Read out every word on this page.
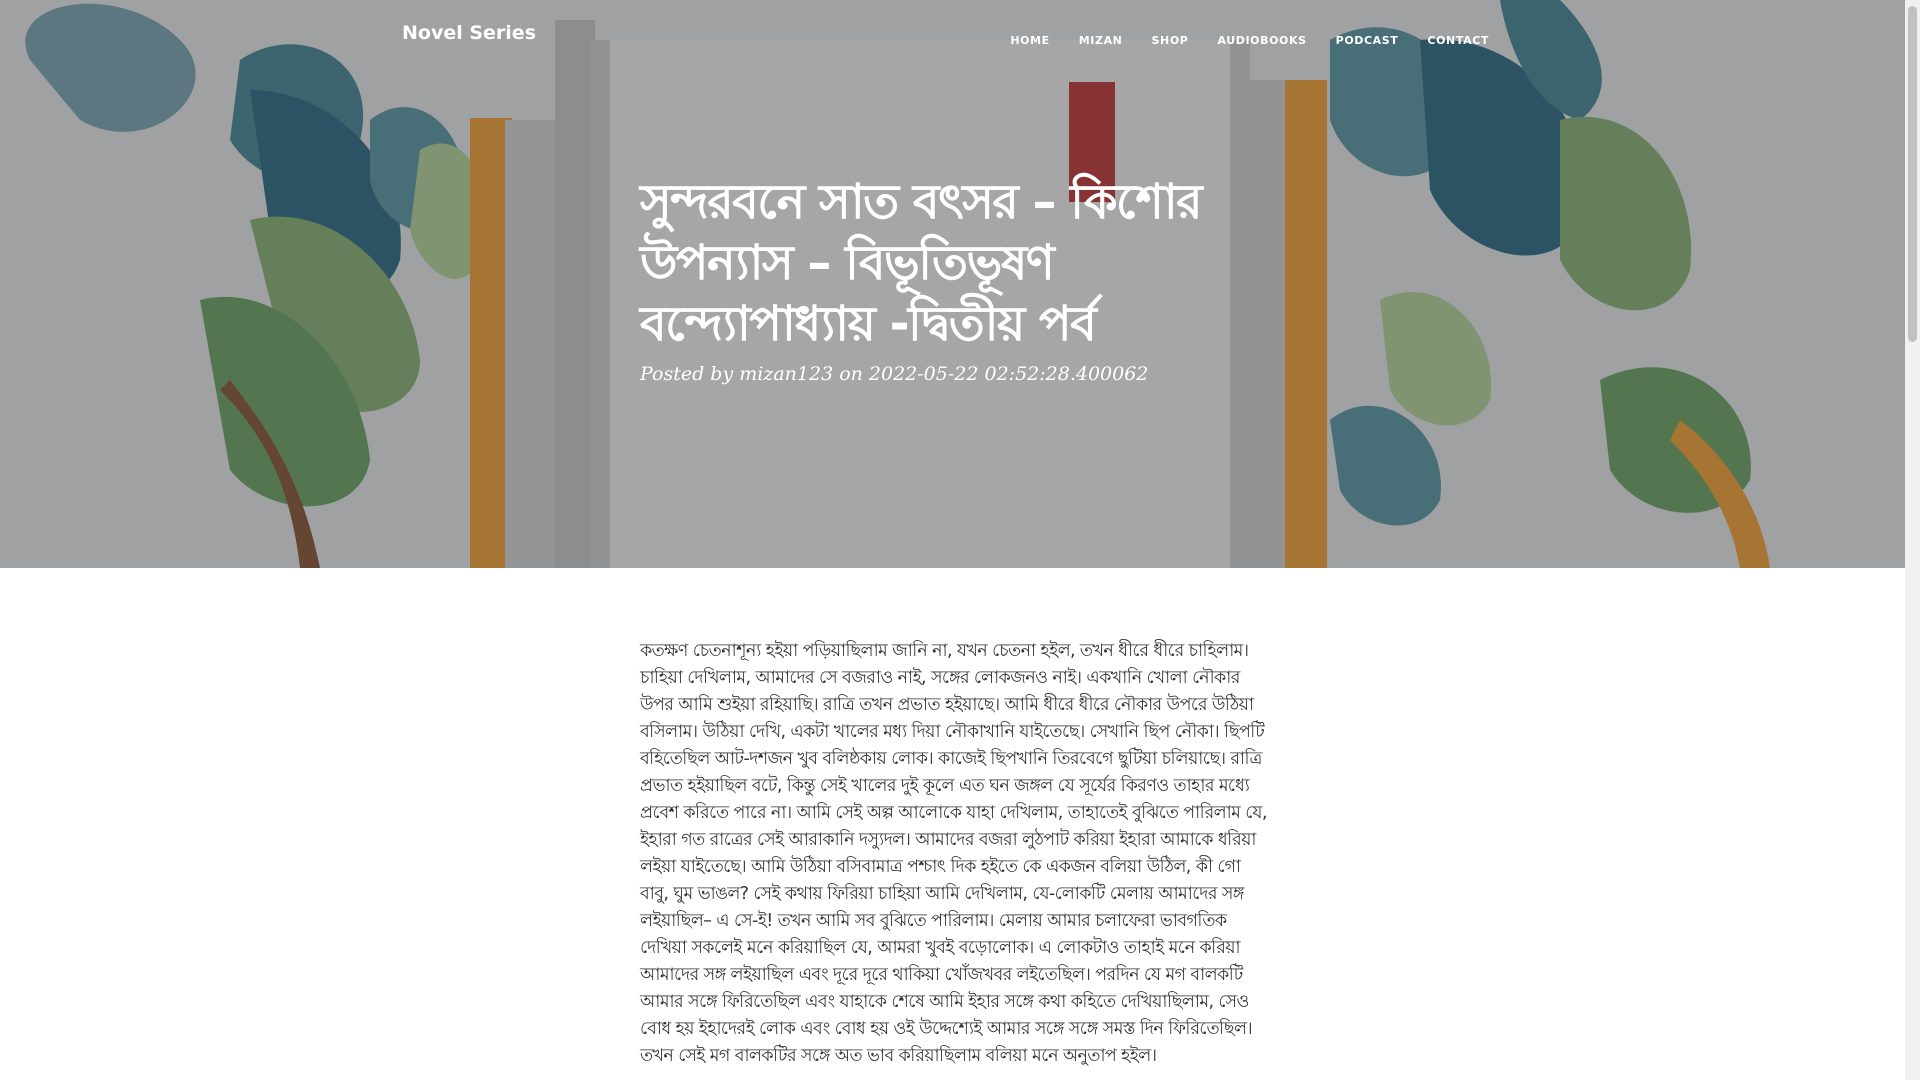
Novel Series	HOME	MIZAN	SHOP	AUDIOBOOKS	PODCAST	CONTACT
সুন্দরবনে সাত বৎসর – কিশোর উপন্যাস – বিভূতিভূষণ বন্দ্যোপাধ্যায় -দ্বিতীয় পর্ব
Posted by mizan123 on 2022-05-22 02:52:28.400062

কতক্ষণ চেতনাশূন্য হইয়া পড়িয়াছিলাম জানি না, যখন চেতনা হইল, তখন ধীরে ধীরে চাহিলাম। চাহিয়া দেখিলাম, আমাদের সে বজরাও নাই, সঙ্গের লোকজনও নাই। একখানি খোলা নৌকার উপর আমি শুইয়া রহিয়াছি। রাত্রি তখন প্রভাত হইয়াছে। আমি ধীরে ধীরে নৌকার উপরে উঠিয়া বসিলাম। উঠিয়া দেখি, একটা খালের মধ্য দিয়া নৌকাখানি যাইতেছে। সেখানি ছিপ নৌকা। ছিপটি বহিতেছিল আট-দশজন খুব বলিষ্ঠকায় লোক। কাজেই ছিপখানি তিরবেগে ছুটিয়া চলিয়াছে। রাত্রি প্রভাত হইয়াছিল বটে, কিন্তু সেই খালের দুই কূলে এত ঘন জঙ্গল যে সূর্যের কিরণও তাহার মধ্যে প্রবেশ করিতে পারে না। আমি সেই অল্প আলোকে যাহা দেখিলাম, তাহাতেই বুঝিতে পারিলাম যে, ইহারা গত রাত্রের সেই আরাকানি দস্যুদল। আমাদের বজরা লুঠপাট করিয়া ইহারা আমাকে ধরিয়া লইয়া যাইতেছে। আমি উঠিয়া বসিবামাত্র পশ্চাৎ দিক হইতে কে একজন বলিয়া উঠিল, কী গো বাবু, ঘুম ভাঙল? সেই কথায় ফিরিয়া চাহিয়া আমি দেখিলাম, যে-লোকটি মেলায় আমাদের সঙ্গ লইয়াছিল– এ সে-ই! তখন আমি সব বুঝিতে পারিলাম। মেলায় আমার চলাফেরা ভাবগতিক দেখিয়া সকলেই মনে করিয়াছিল যে, আমরা খুবই বড়োলোক। এ লোকটাও তাহাই মনে করিয়া আমাদের সঙ্গ লইয়াছিল এবং দূরে দূরে থাকিয়া খোঁজখবর লইতেছিল। পরদিন যে মগ বালকটি আমার সঙ্গে ফিরিতেছিল এবং যাহাকে শেষে আমি ইহার সঙ্গে কথা কহিতে দেখিয়াছিলাম, সেও বোধ হয় ইহাদেরই লোক এবং বোধ হয় ওই উদ্দেশ্যেই আমার সঙ্গে সঙ্গে সমস্ত দিন ফিরিতেছিল। তখন সেই মগ বালকটির সঙ্গে অত ভাব করিয়াছিলাম বলিয়া মনে অনুতাপ হইল।
